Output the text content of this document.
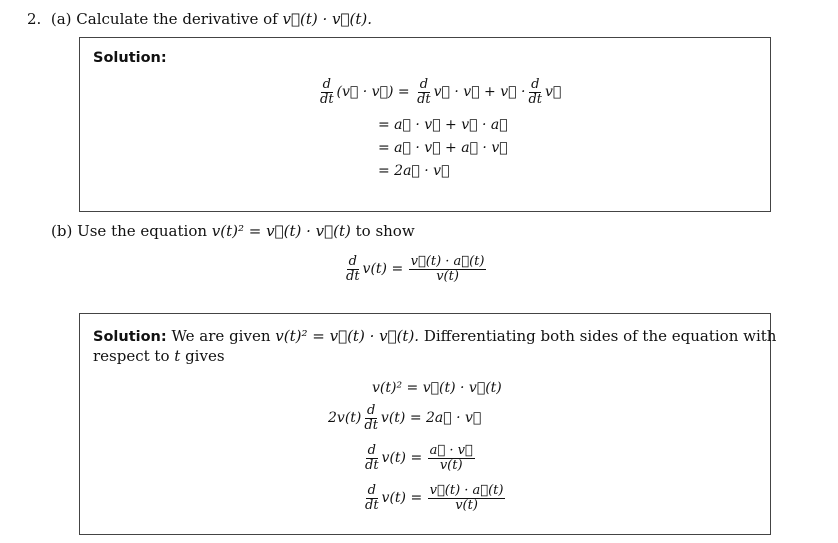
2. (a) Calculate the derivative of v⃗(t) · v⃗(t).
Solution:
$\frac{d}{dt}$ (v⃗ · v⃗) =
$\frac{d}{dt}$ v⃗ · v⃗ + v⃗ · $\frac{d}{dt}$ v⃗
= a⃗ · v⃗ + v⃗ · a⃗
= a⃗ · v⃗ + a⃗ · v⃗
= 2a⃗ · v⃗
(b) Use the equation v(t)² = v⃗(t) · v⃗(t) to show
$\frac{d}{dt} v(t)$ =
$\frac{v⃗(t) \cdot a⃗(t)}{v(t)}$
Solution: We are given v(t)² = v⃗(t) · v⃗(t). Differentiating both sides of the equation with
respect to t gives
v(t)² = v⃗(t) · v⃗(t)
$2v(t) \frac{d}{dt} v(t)$ = 2a⃗ · v⃗
$\frac{d}{dt} v(t)$ =
$\frac{a⃗ \cdot v⃗}{v(t)}$
$\frac{d}{dt} v(t)$ =
$\frac{v⃗(t) \cdot a⃗(t)}{v(t)}$
